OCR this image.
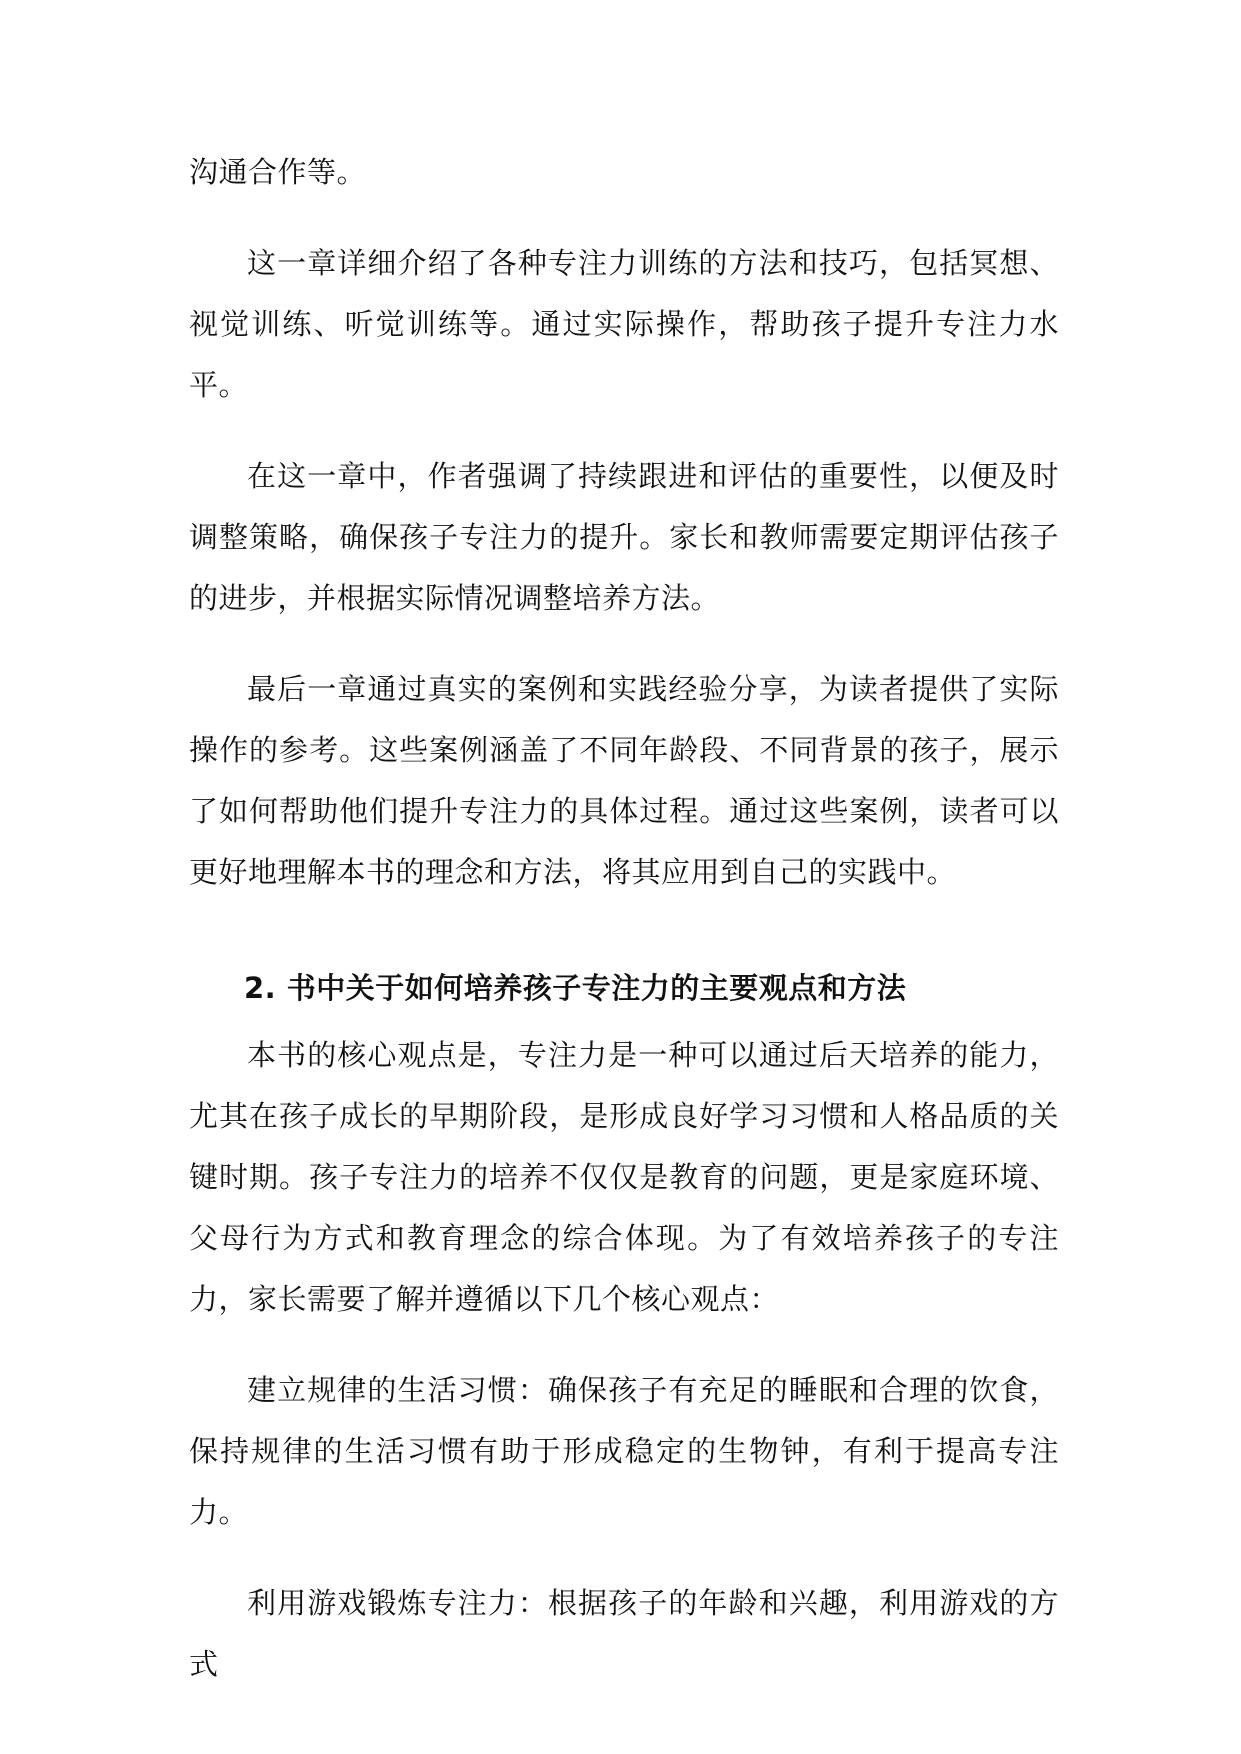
沟通合作等。

这一章详细介绍了各种专注力训练的方法和技巧，包括冥想、视觉训练、听觉训练等。通过实际操作，帮助孩子提升专注力水平。

在这一章中，作者强调了持续跟进和评估的重要性，以便及时调整策略，确保孩子专注力的提升。家长和教师需要定期评估孩子的进步，并根据实际情况调整培养方法。

最后一章通过真实的案例和实践经验分享，为读者提供了实际操作的参考。这些案例涵盖了不同年龄段、不同背景的孩子，展示了如何帮助他们提升专注力的具体过程。通过这些案例，读者可以更好地理解本书的理念和方法，将其应用到自己的实践中。

2. 书中关于如何培养孩子专注力的主要观点和方法

本书的核心观点是，专注力是一种可以通过后天培养的能力，尤其在孩子成长的早期阶段，是形成良好学习习惯和人格品质的关键时期。孩子专注力的培养不仅仅是教育的问题，更是家庭环境、父母行为方式和教育理念的综合体现。为了有效培养孩子的专注力，家长需要了解并遵循以下几个核心观点：

建立规律的生活习惯：确保孩子有充足的睡眠和合理的饮食，保持规律的生活习惯有助于形成稳定的生物钟，有利于提高专注力。

利用游戏锻炼专注力：根据孩子的年龄和兴趣，利用游戏的方式
